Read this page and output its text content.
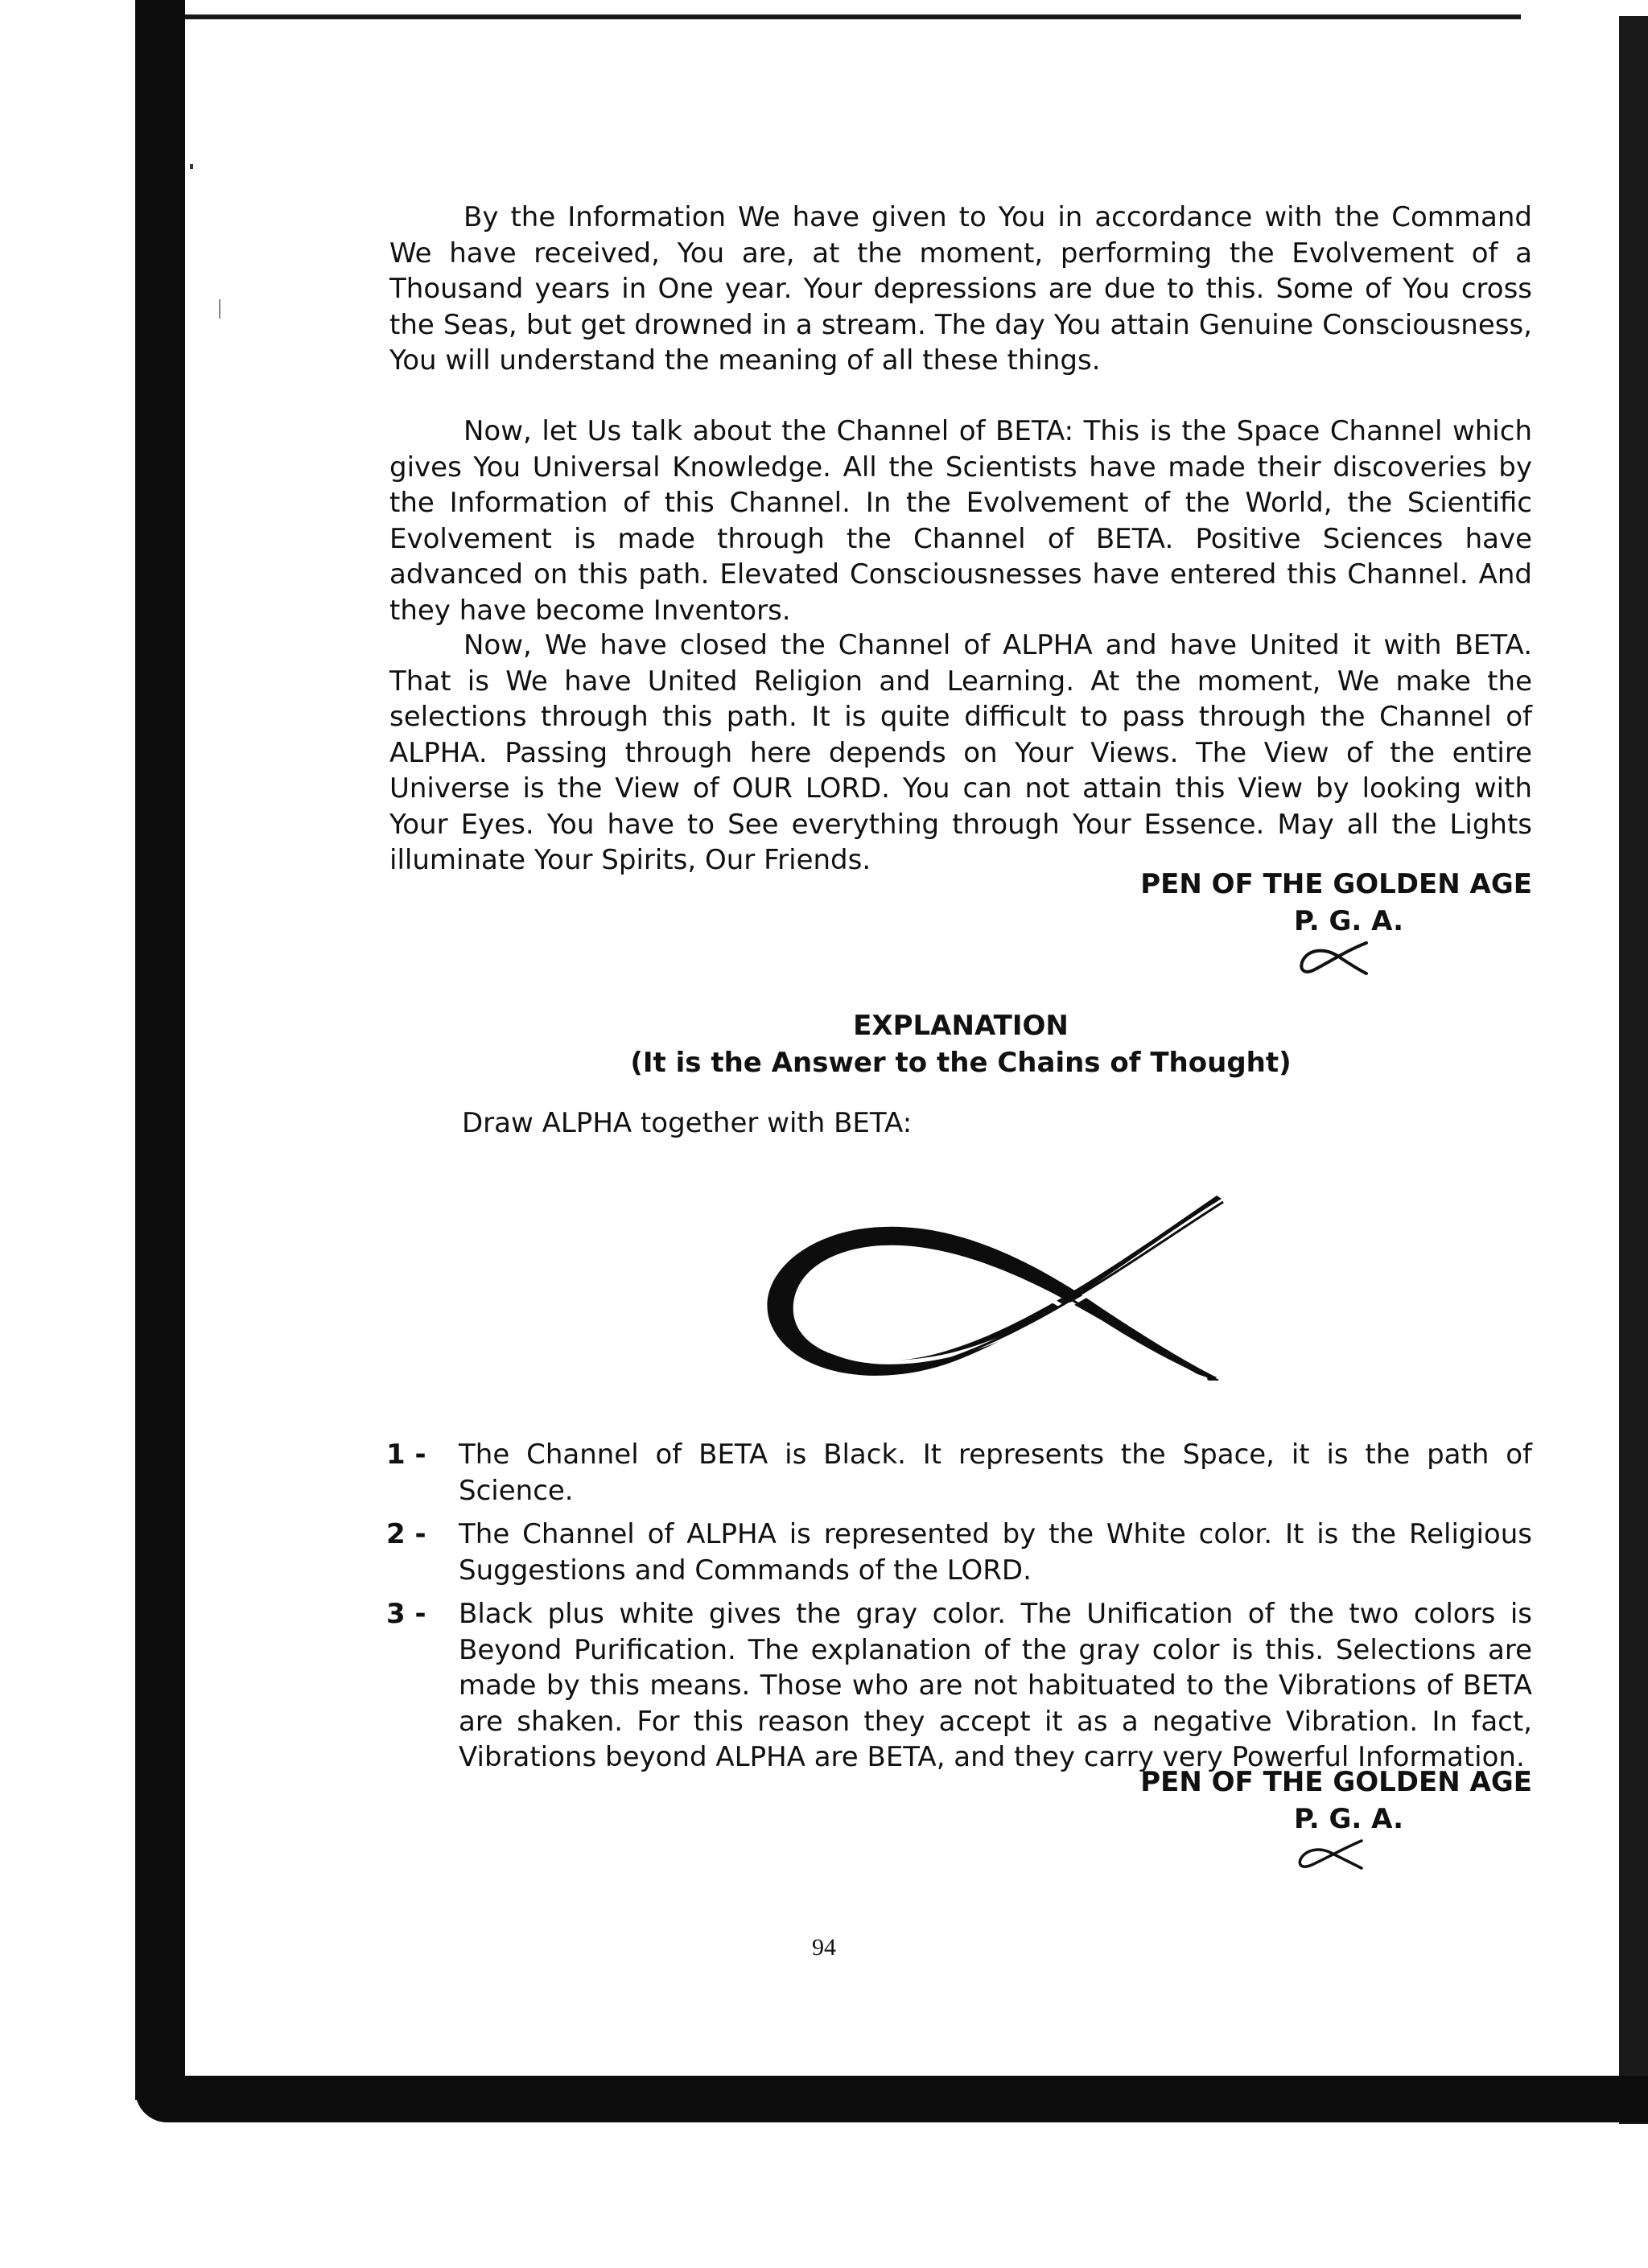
By the Information We have given to You in accordance with the Command We have received, You are, at the moment, performing the Evolvement of a Thousand years in One year. Your depressions are due to this. Some of You cross the Seas, but get drowned in a stream. The day You attain Genuine Consciousness, You will understand the meaning of all these things.

Now, let Us talk about the Channel of BETA: This is the Space Channel which gives You Universal Knowledge. All the Scientists have made their discoveries by the Information of this Channel. In the Evolvement of the World, the Scientific Evolvement is made through the Channel of BETA. Positive Sciences have advanced on this path. Elevated Consciousnesses have entered this Channel. And they have become Inventors.

Now, We have closed the Channel of ALPHA and have United it with BETA. That is We have United Religion and Learning. At the moment, We make the selections through this path. It is quite difficult to pass through the Channel of ALPHA. Passing through here depends on Your Views. The View of the entire Universe is the View of OUR LORD. You can not attain this View by looking with Your Eyes. You have to See everything through Your Essence. May all the Lights illuminate Your Spirits, Our Friends.

PEN OF THE GOLDEN AGE
P. G. A.
EXPLANATION
(It is the Answer to the Chains of Thought)
Draw ALPHA together with BETA:
1 - The Channel of BETA is Black. It represents the Space, it is the path of Science.
2 - The Channel of ALPHA is represented by the White color. It is the Religious Suggestions and Commands of the LORD.
3 - Black plus white gives the gray color. The Unification of the two colors is Beyond Purification. The explanation of the gray color is this. Selections are made by this means. Those who are not habituated to the Vibrations of BETA are shaken. For this reason they accept it as a negative Vibration. In fact, Vibrations beyond ALPHA are BETA, and they carry very Powerful Information.
PEN OF THE GOLDEN AGE
P. G. A.
94
